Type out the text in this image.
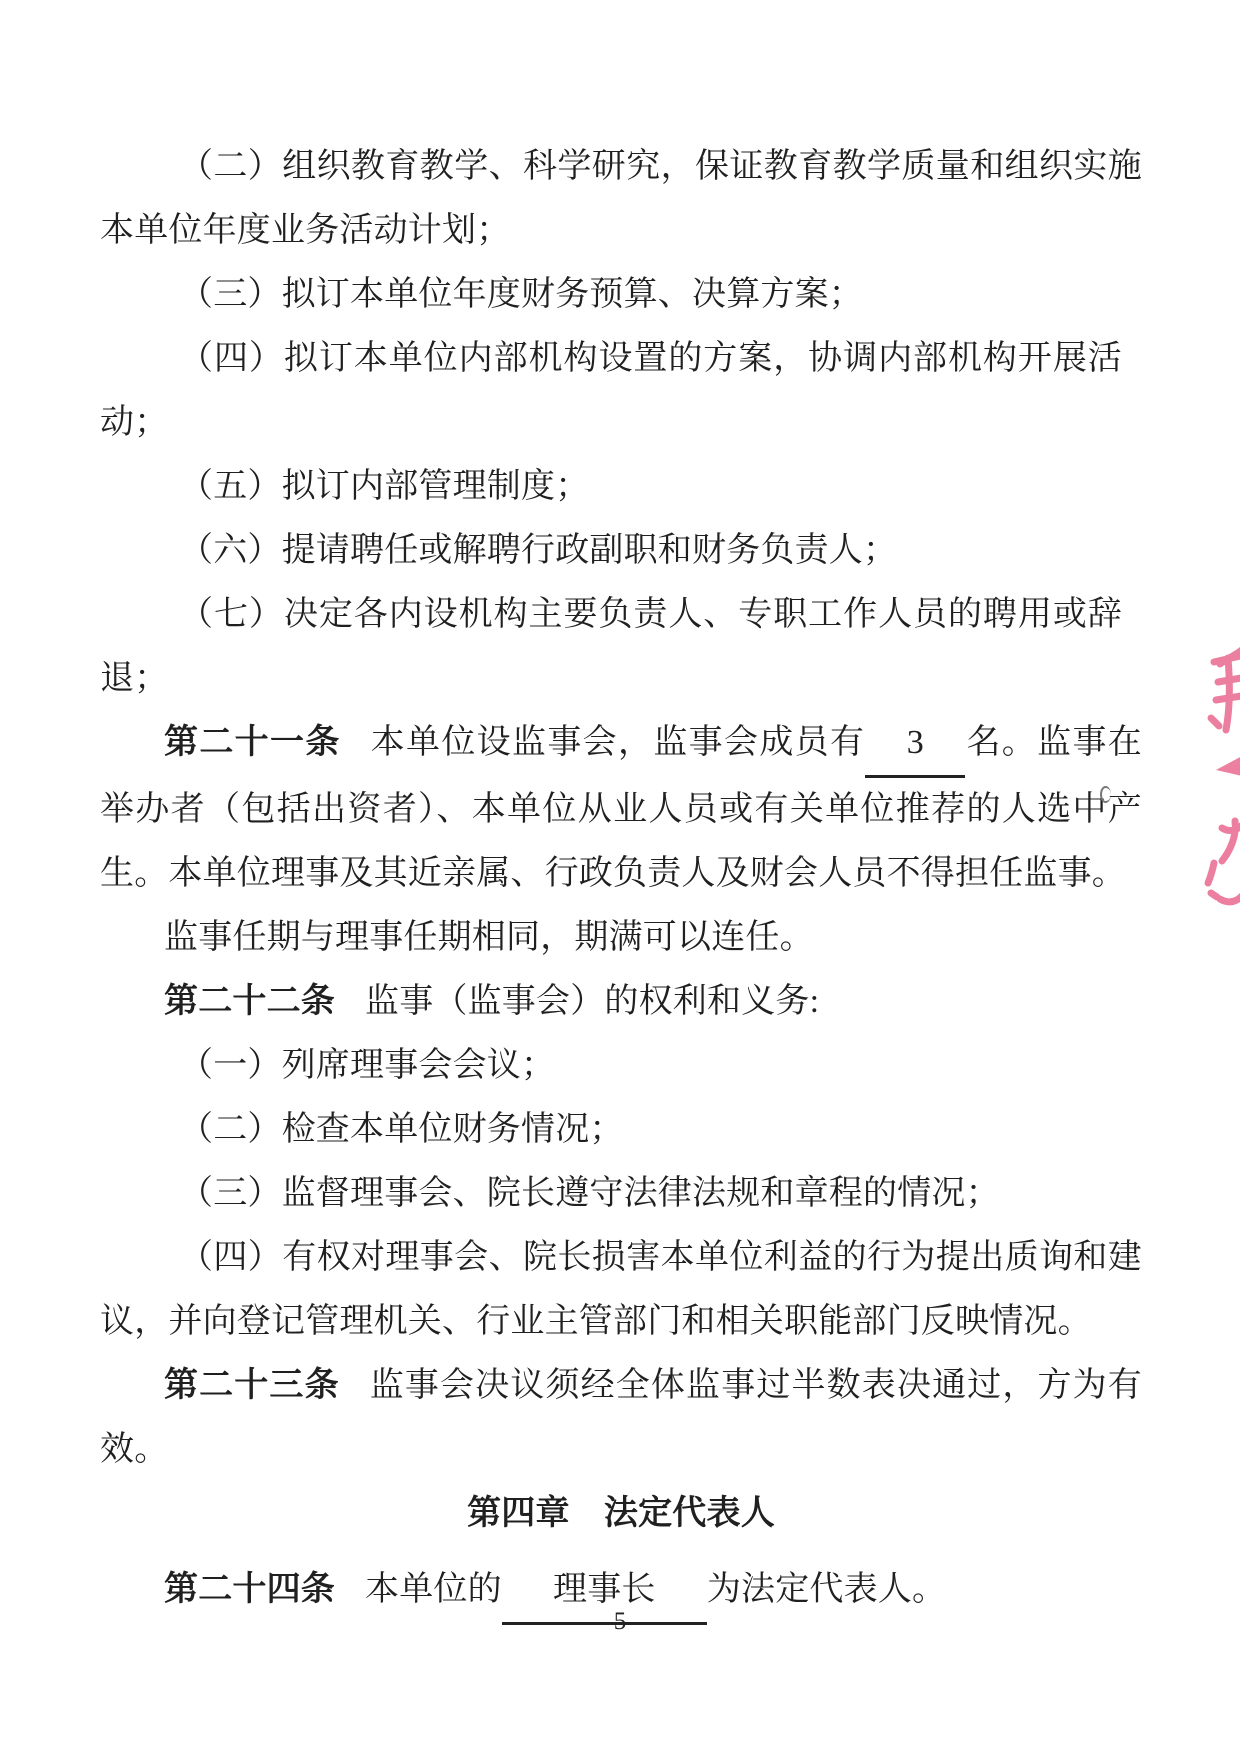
（二）组织教育教学、科学研究，保证教育教学质量和组织实施本单位年度业务活动计划；

（三）拟订本单位年度财务预算、决算方案；

（四）拟订本单位内部机构设置的方案，协调内部机构开展活动；

（五）拟订内部管理制度；

（六）提请聘任或解聘行政副职和财务负责人；

（七）决定各内设机构主要负责人、专职工作人员的聘用或辞退；

第二十一条 本单位设监事会，监事会成员有 3 名。监事在举办者（包括出资者）、本单位从业人员或有关单位推荐的人选中产生。本单位理事及其近亲属、行政负责人及财会人员不得担任监事。

监事任期与理事任期相同，期满可以连任。

第二十二条 监事（监事会）的权利和义务:

（一）列席理事会会议；

（二）检查本单位财务情况；

（三）监督理事会、院长遵守法律法规和章程的情况；

（四）有权对理事会、院长损害本单位利益的行为提出质询和建议，并向登记管理机关、行业主管部门和相关职能部门反映情况。

第二十三条 监事会决议须经全体监事过半数表决通过，方为有效。

第四章　法定代表人

第二十四条 本单位的 理事长 为法定代表人。

5
